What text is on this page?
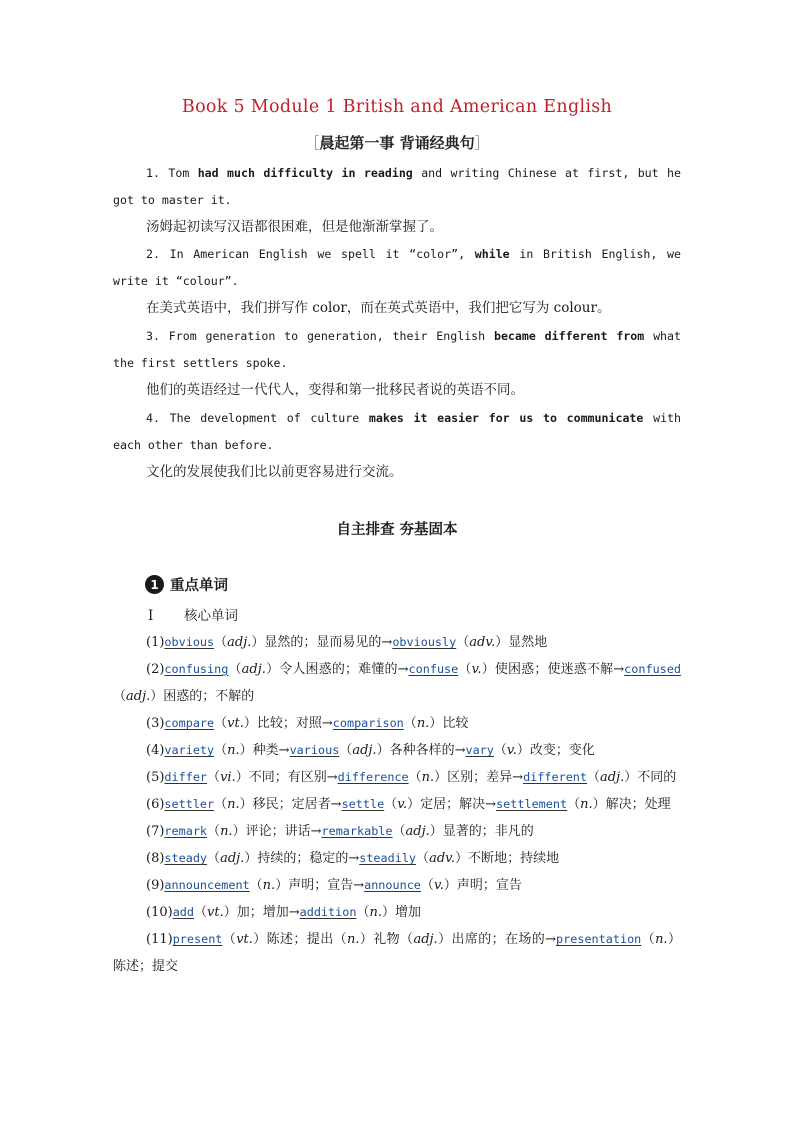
Book 5 Module 1 British and American English
［晨起第一事 背诵经典句］

1. Tom had much difficulty in reading and writing Chinese at first, but he got to master it.

汤姆起初读写汉语都很困难，但是他渐渐掌握了。

2. In American English we spell it “color”, while in British English, we write it “colour”.

在美式英语中，我们拼写作 color，而在英式英语中，我们把它写为 colour。

3. From generation to generation, their English became different from what the first settlers spoke.

他们的英语经过一代代人，变得和第一批移民者说的英语不同。

4. The development of culture makes it easier for us to communicate with each other than before.

文化的发展使我们比以前更容易进行交流。

自主排查 夯基固本
1 重点单词
Ⅰ 核心单词

(1)obvious（adj.）显然的；显而易见的→obviously（adv.）显然地

(2)confusing（adj.）令人困惑的；难懂的→confuse（v.）使困惑；使迷惑不解→confused（adj.）困惑的；不解的

(3)compare（vt.）比较；对照→comparison（n.）比较

(4)variety（n.）种类→various（adj.）各种各样的→vary（v.）改变；变化

(5)differ（vi.）不同；有区别→difference（n.）区别；差异→different（adj.）不同的

(6)settler（n.）移民；定居者→settle（v.）定居；解决→settlement（n.）解决；处理

(7)remark（n.）评论；讲话→remarkable（adj.）显著的；非凡的

(8)steady（adj.）持续的；稳定的→steadily（adv.）不断地；持续地

(9)announcement（n.）声明；宣告→announce（v.）声明；宣告

(10)add（vt.）加；增加→addition（n.）增加

(11)present（vt.）陈述；提出（n.）礼物（adj.）出席的；在场的→presentation（n.）陈述；提交
